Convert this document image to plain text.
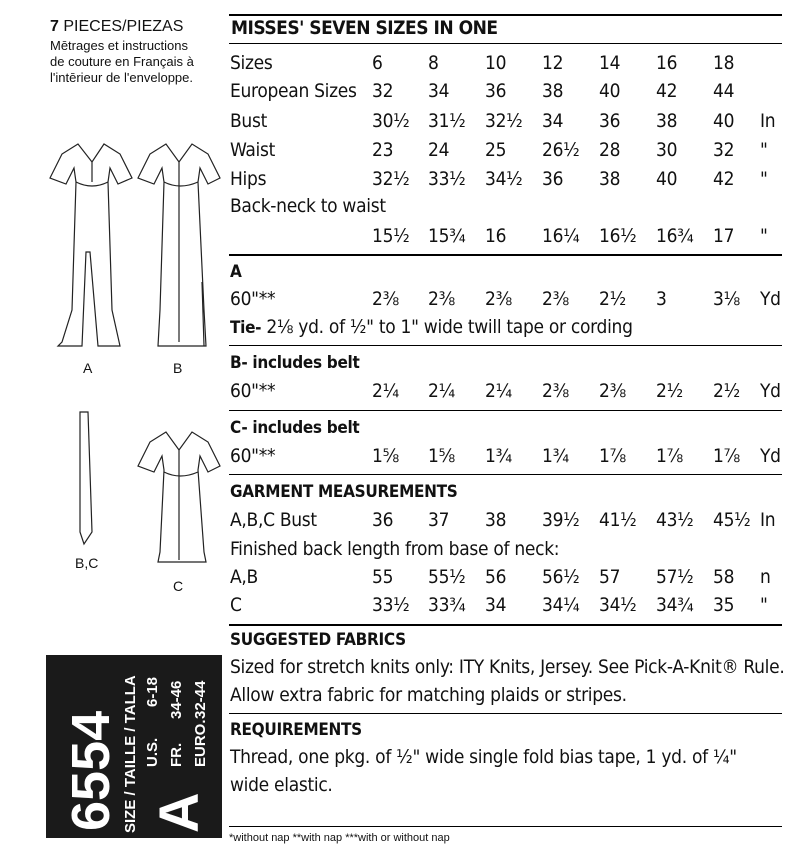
7 PIECES/PIEZAS
Mētrages et instructions
de couture en Français à
l'intērieur de l'enveloppe.
A	B
B,C
C
6554 SIZE / TAILLE / TALLA A
U.S.
6-18
FR.
34-46
EURO.
32-44
MISSES' SEVEN SIZES IN ONE
Sizes	6 8 10 12 14 16 18
European Sizes 32 34 36 38 40 42 44
Bust	30½ 31½ 32½ 34 36 38 40 In
Waist	23 24 25 26½ 28 30 32 "
Hips	32½ 33½ 34½ 36 38 40 42 "
Back-neck to waist
15½ 15¾ 16 16¼ 16½ 16¾ 17 "
A
60"**	2⅜ 2⅜ 2⅜ 2⅜ 2½ 3 3⅛ Yd
Tie- 2⅛ yd. of ½" to 1" wide twill tape or cording
B- includes belt
60"**	2¼ 2¼ 2¼ 2⅜ 2⅜ 2½ 2½ Yd
C- includes belt
60"**	1⅝ 1⅝ 1¾ 1¾ 1⅞ 1⅞ 1⅞ Yd
GARMENT MEASUREMENTS
A,B,C Bust	36 37 38 39½ 41½ 43½ 45½ In
Finished back length from base of neck:
A,B	55 55½ 56 56½ 57 57½ 58 n
C	33½ 33¾ 34 34¼ 34½ 34¾ 35 "
SUGGESTED FABRICS
Sized for stretch knits only: ITY Knits, Jersey. See Pick-A-Knit® Rule.
Allow extra fabric for matching plaids or stripes.
REQUIREMENTS
Thread, one pkg. of ½" wide single fold bias tape, 1 yd. of ¼"
wide elastic.
*without nap **with nap ***with or without nap
